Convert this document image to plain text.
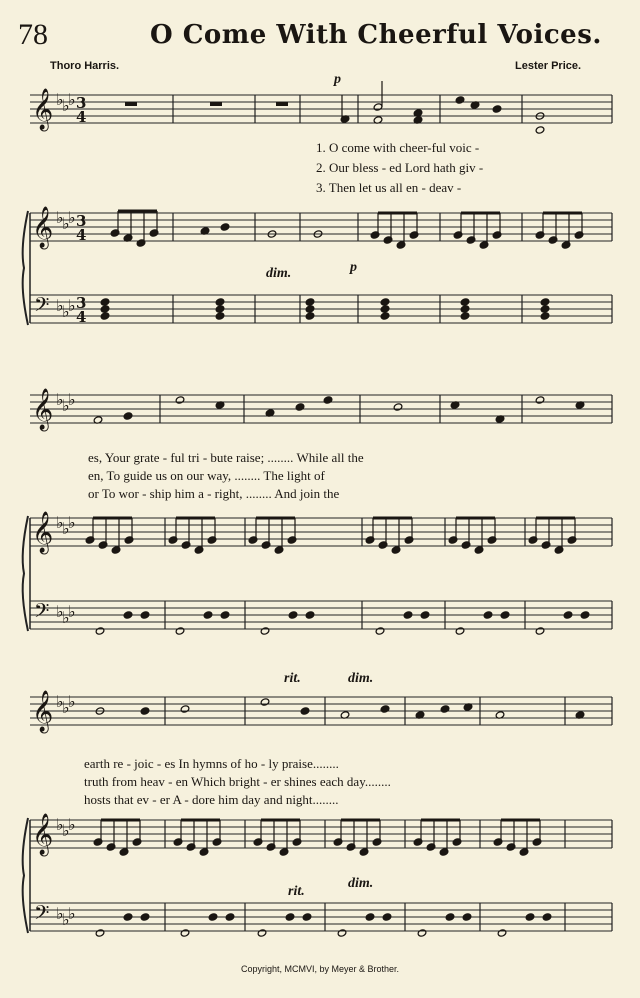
78	O Come With Cheerful Voices.
Thoro Harris.	Lester Price.
p
dim.	p
rit.	dim.
rit.
dim.
1. O come with cheer-ful voic -
2. Our bless - ed Lord hath giv -
3. Then let us all en - deav -
es, Your grate - ful tri - bute raise; ........ While all the
en, To guide us on our way, ........ The light of
or To wor - ship him a - right, ........ And join the
earth re - joic - es In hymns of ho - ly praise........
truth from heav - en Which bright - er shines each day........
hosts that ev - er A - dore him day and night........
Copyright, MCMVI, by Meyer & Brother.
𝄞
𝄞
𝄢
♭
♭
♭ 3
4
♭
♭
♭ 3
4
♭
♭
♭ 3
4
𝄞
𝄞
𝄢
♭
♭
♭
♭
♭
♭
♭
♭
♭
𝄞
𝄞
𝄢
♭
♭
♭
♭
♭
♭
♭
♭
♭
